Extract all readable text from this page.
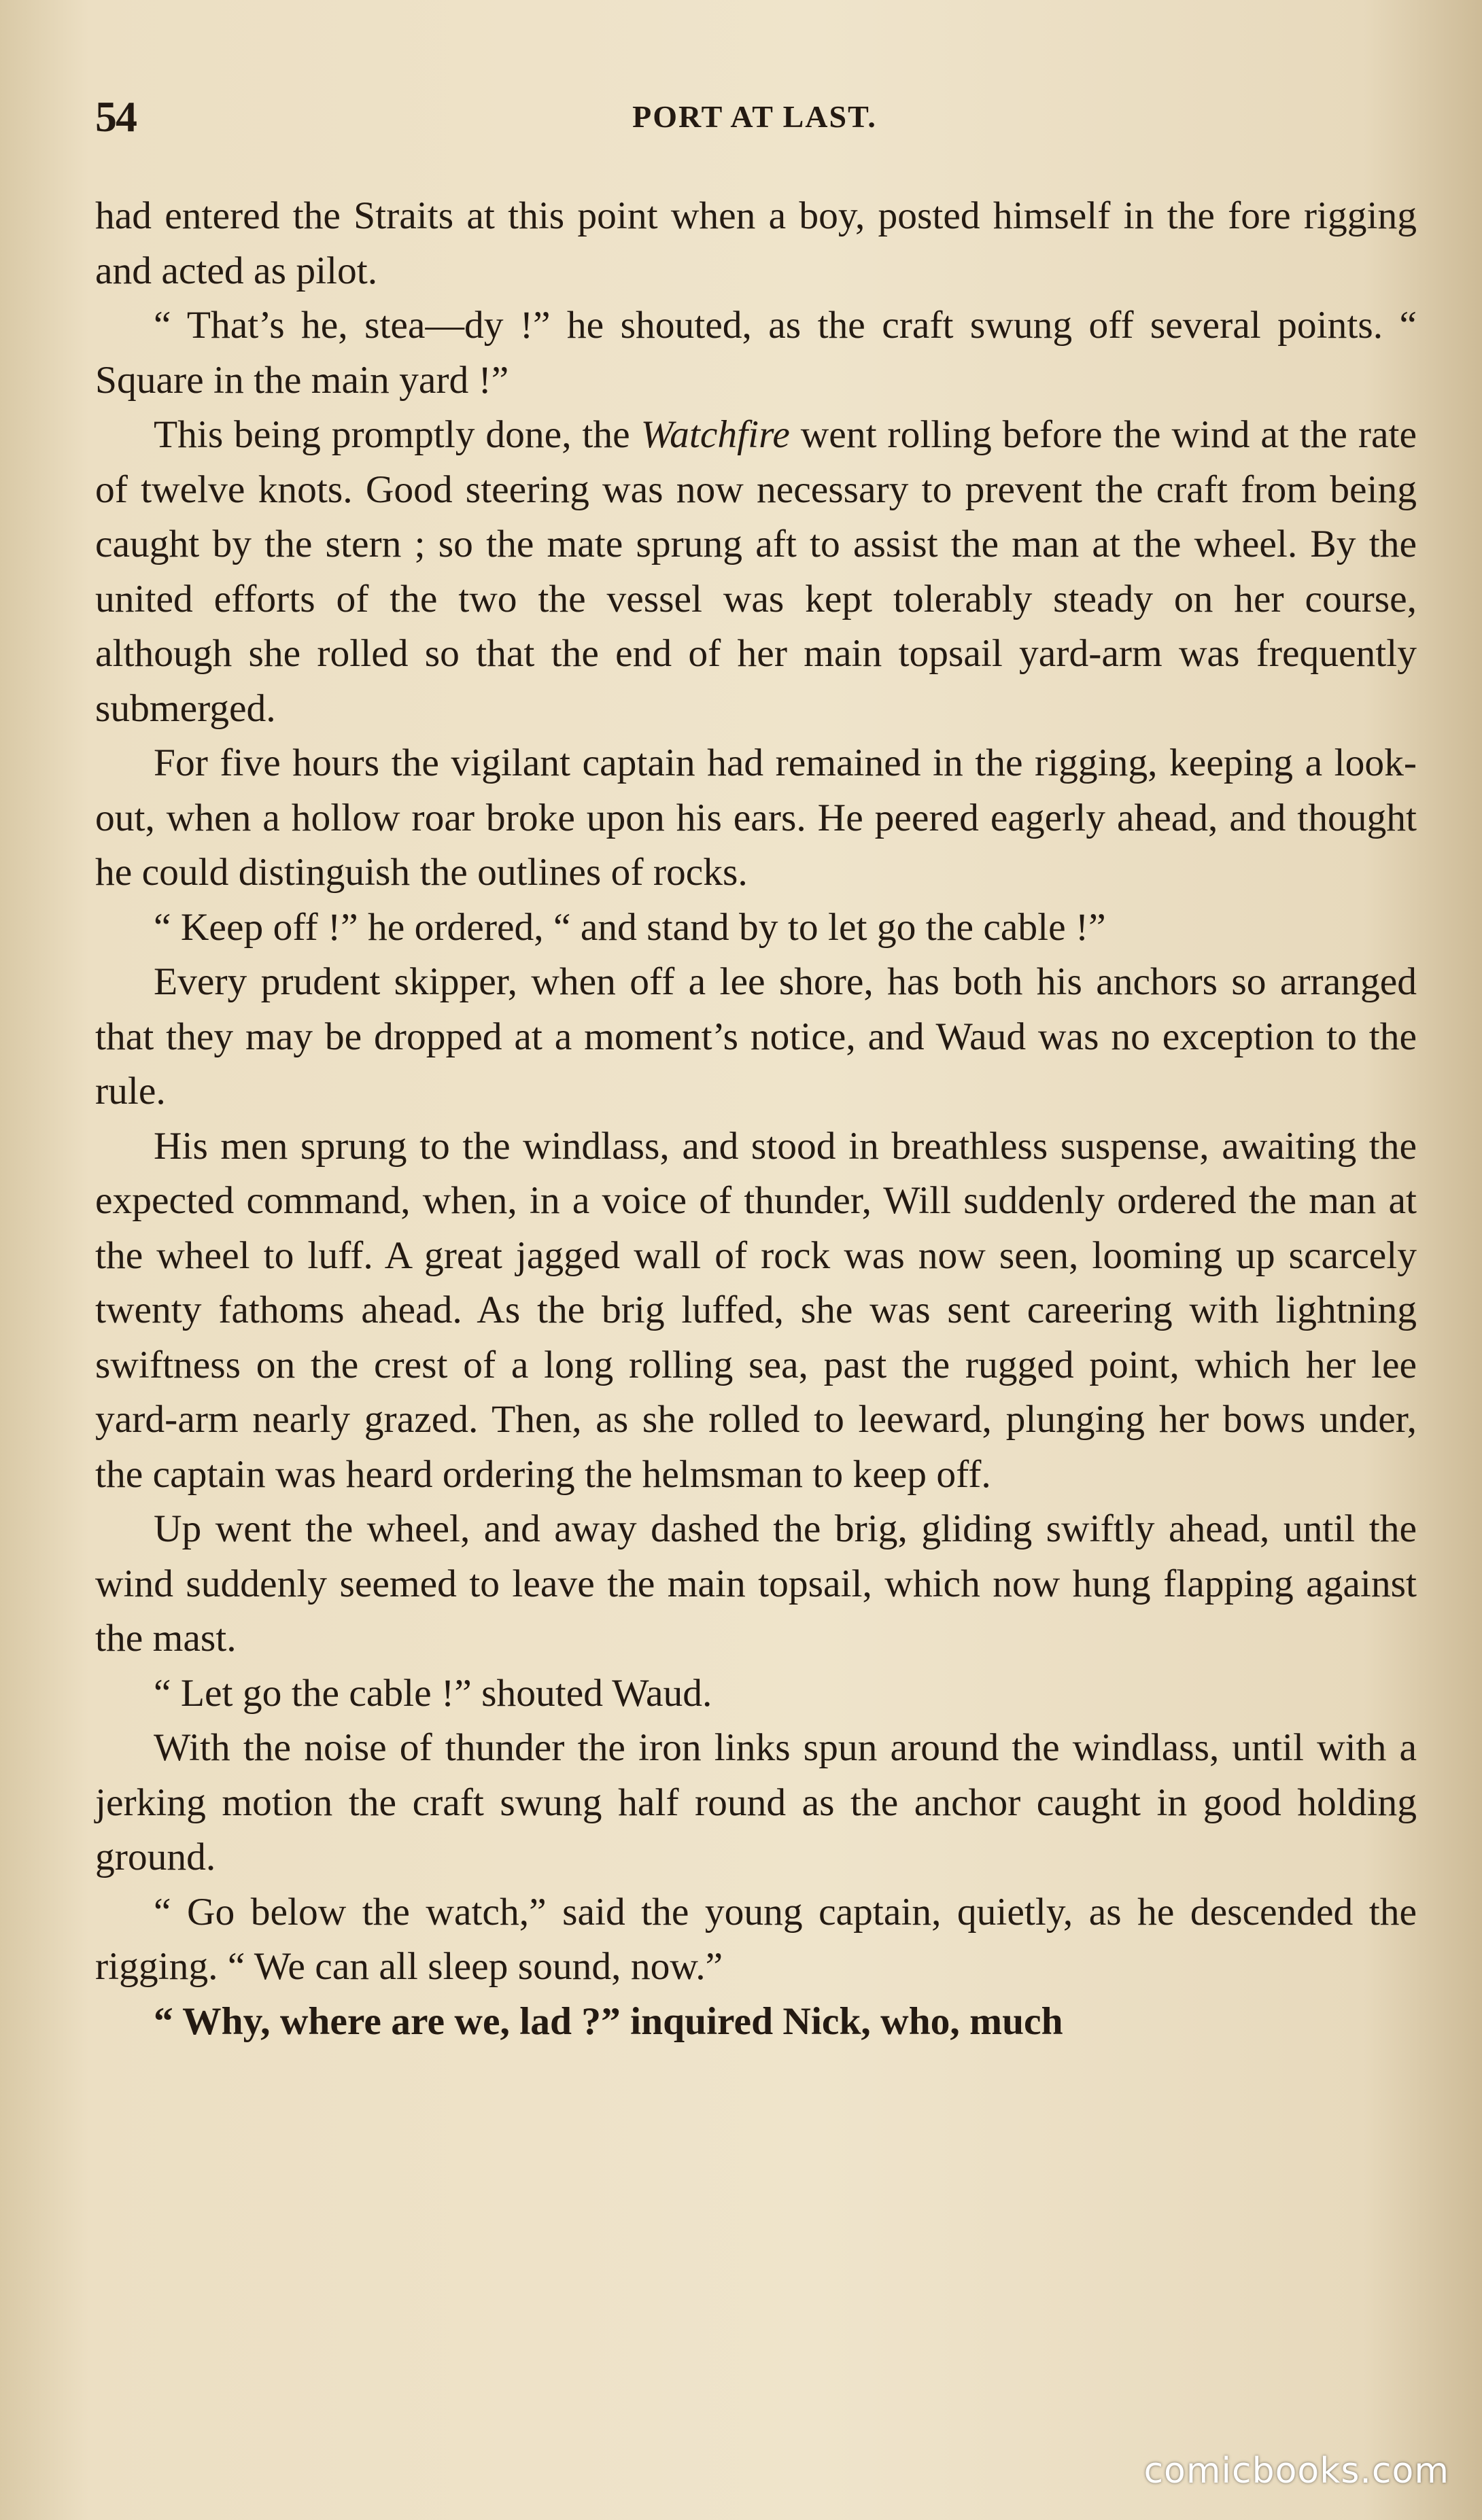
54	PORT AT LAST.

had entered the Straits at this point when a boy, posted himself in the fore rigging and acted as pilot.

“ That’s he, stea—dy !” he shouted, as the craft swung off several points. “ Square in the main yard !”

This being promptly done, the Watchfire went rolling before the wind at the rate of twelve knots. Good steering was now necessary to prevent the craft from being caught by the stern ; so the mate sprung aft to assist the man at the wheel. By the united efforts of the two the vessel was kept tolerably steady on her course, although she rolled so that the end of her main topsail yard-arm was frequently submerged.

For five hours the vigilant captain had remained in the rigging, keeping a look-out, when a hollow roar broke upon his ears. He peered eagerly ahead, and thought he could distinguish the outlines of rocks.

“ Keep off !” he ordered, “ and stand by to let go the cable !”

Every prudent skipper, when off a lee shore, has both his anchors so arranged that they may be dropped at a moment’s notice, and Waud was no exception to the rule.

His men sprung to the windlass, and stood in breathless suspense, awaiting the expected command, when, in a voice of thunder, Will suddenly ordered the man at the wheel to luff. A great jagged wall of rock was now seen, looming up scarcely twenty fathoms ahead. As the brig luffed, she was sent careering with lightning swiftness on the crest of a long rolling sea, past the rugged point, which her lee yard-arm nearly grazed. Then, as she rolled to leeward, plunging her bows under, the captain was heard ordering the helmsman to keep off.

Up went the wheel, and away dashed the brig, gliding swiftly ahead, until the wind suddenly seemed to leave the main topsail, which now hung flapping against the mast.

“ Let go the cable !” shouted Waud.

With the noise of thunder the iron links spun around the windlass, until with a jerking motion the craft swung half round as the anchor caught in good holding ground.

“ Go below the watch,” said the young captain, quietly, as he descended the rigging. “ We can all sleep sound, now.”

“ Why, where are we, lad ?” inquired Nick, who, much

comicbooks.com
